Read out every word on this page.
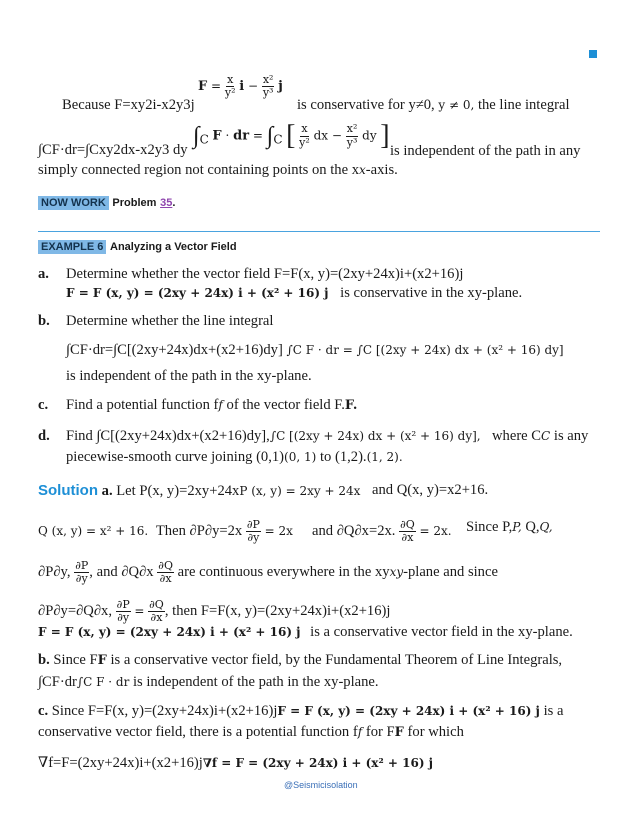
$F = \frac{x}{\text{y²}}$ $i - \frac{\text{x²}}{\text{y³}}$ j
Because F=xy2i-x2y3j	is conservative for y≠0, y ≠ 0, the line integral
∫CF·dr=∫Cxy2dx-x2y3 dy
$\int_C$ F · dr = $\int_C$ [ $\frac{x}{\text{y²}}$ dx − $\frac{\text{x²}}{\text{y³}}$ dy ] is independent of the path in any
simply connected region not containing points on the xx-axis.
NOW WORK Problem 35.
EXAMPLE 6 Analyzing a Vector Field
a. Determine whether the vector field F=F(x, y)=(2xy+24x)i+(x2+16)j
F = F (x, y) = (2xy + 24x) i + (x² + 16) j is conservative in the xy-plane.
b. Determine whether the line integral
∫CF·dr=∫C[(2xy+24x)dx+(x2+16)dy] ∫C F · dr = ∫C [(2xy + 24x) dx + (x² + 16) dy]
is independent of the path in the xy-plane.
c. Find a potential function ff of the vector field F.F.
d. Find ∫C[(2xy+24x)dx+(x2+16)dy],∫C [(2xy + 24x) dx + (x² + 16) dy], where CC is any
piecewise-smooth curve joining (0,1)(0, 1) to (1,2).(1, 2).
Solution a. Let P(x, y)=2xy+24xP (x, y) = 2xy + 24x and Q(x, y)=x2+16.
Q (x, y) = x² + 16. Then $\partial P\partial y=2x \frac{\partial P}{\partial y} = 2x$ and ∂Q∂x=2x. $\frac{\partial Q}{\partial x} = 2x$. Since P,P, Q,Q,
∂P∂y, $\frac{\partial P}{\partial y}$ , and $\partial Q\partial x \frac{\partial Q}{\partial x}$ are continuous everywhere in the xyxy-plane and since
∂P∂y=∂Q∂x, $\frac{\partial P}{\partial y} = \frac{\partial Q}{\partial x}$ , then F=F(x, y)=(2xy+24x)i+(x2+16)j
F = F (x, y) = (2xy + 24x) i + (x² + 16) j is a conservative vector field in the xy-plane.
b. Since FF is a conservative vector field, by the Fundamental Theorem of Line Integrals,
∫CF·dr∫C F · dr is independent of the path in the xy-plane.
c. Since F=F(x, y)=(2xy+24x)i+(x2+16)jF = F (x, y) = (2xy + 24x) i + (x² + 16) j is a
conservative vector field, there is a potential function ff for FF for which
∇f=F=(2xy+24x)i+(x2+16)j∇f = F = (2xy + 24x) i + (x² + 16) j
@Seismicisolation
